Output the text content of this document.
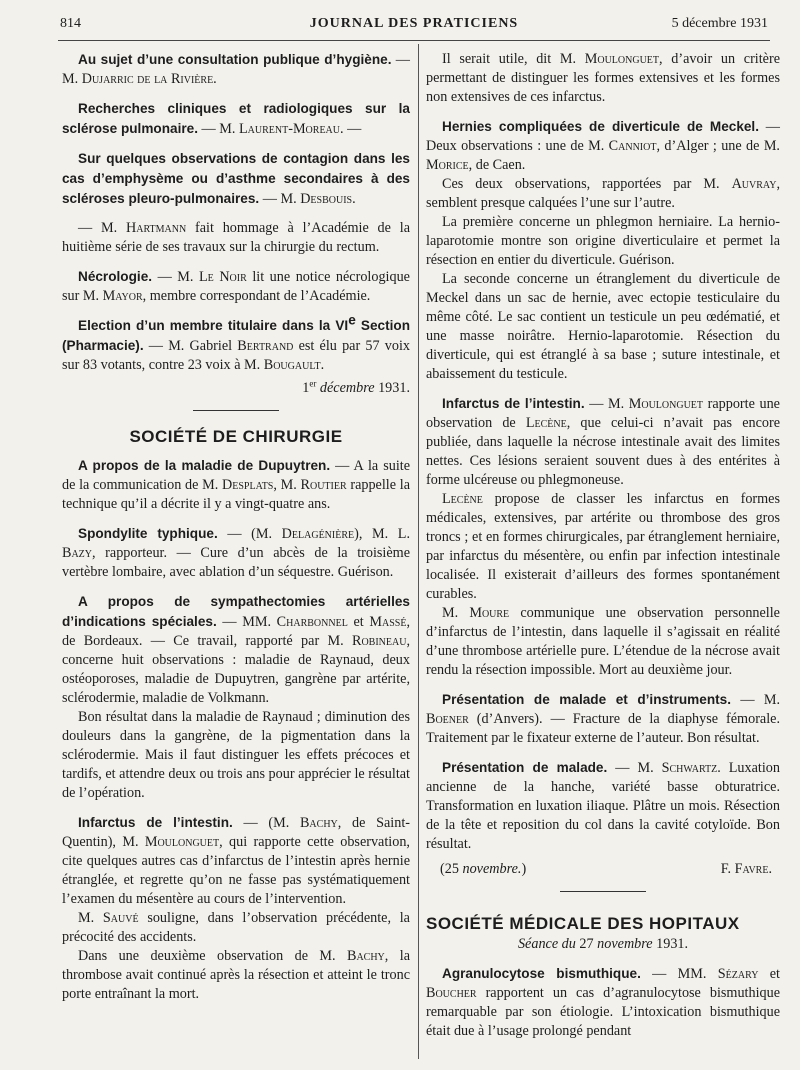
814	JOURNAL DES PRATICIENS	5 décembre 1931

Au sujet d’une consultation publique d’hygiène. — M. Dujarric de la Rivière.

Recherches cliniques et radiologiques sur la sclérose pulmonaire. — M. Laurent-Moreau. —

Sur quelques observations de contagion dans les cas d’emphysème ou d’asthme secondaires à des scléroses pleuro-pulmonaires. — M. Desbouis.

— M. Hartmann fait hommage à l’Académie de la huitième série de ses travaux sur la chirurgie du rectum.

Nécrologie. — M. Le Noir lit une notice nécrologique sur M. Mayor, membre correspondant de l’Académie.

Election d’un membre titulaire dans la VIe Section (Pharmacie). — M. Gabriel Bertrand est élu par 57 voix sur 83 votants, contre 23 voix à M. Bougault.

1er décembre 1931.

SOCIÉTÉ DE CHIRURGIE

A propos de la maladie de Dupuytren. — A la suite de la communication de M. Desplats, M. Routier rappelle la technique qu’il a décrite il y a vingt-quatre ans.

Spondylite typhique. — (M. Delagénière), M. L. Bazy, rapporteur. — Cure d’un abcès de la troisième vertèbre lombaire, avec ablation d’un séquestre. Guérison.

A propos de sympathectomies artérielles d’indications spéciales. — MM. Charbonnel et Massé, de Bordeaux. — Ce travail, rapporté par M. Robineau, concerne huit observations : maladie de Raynaud, deux ostéoporoses, maladie de Dupuytren, gangrène par artérite, sclérodermie, maladie de Volkmann.

Bon résultat dans la maladie de Raynaud ; diminution des douleurs dans la gangrène, de la pigmentation dans la sclérodermie. Mais il faut distinguer les effets précoces et tardifs, et attendre deux ou trois ans pour apprécier le résultat de l’opération.

Infarctus de l’intestin. — (M. Bachy, de Saint-Quentin), M. Moulonguet, qui rapporte cette observation, cite quelques autres cas d’infarctus de l’intestin après hernie étranglée, et regrette qu’on ne fasse pas systématiquement l’examen du mésentère au cours de l’intervention.

M. Sauvé souligne, dans l’observation précédente, la précocité des accidents.

Dans une deuxième observation de M. Bachy, la thrombose avait continué après la résection et atteint le tronc porte entraînant la mort.

Il serait utile, dit M. Moulonguet, d’avoir un critère permettant de distinguer les formes extensives et les formes non extensives de ces infarctus.

Hernies compliquées de diverticule de Meckel. — Deux observations : une de M. Canniot, d’Alger ; une de M. Morice, de Caen.

Ces deux observations, rapportées par M. Auvray, semblent presque calquées l’une sur l’autre.

La première concerne un phlegmon herniaire. La hernio-laparotomie montre son origine diverticulaire et permet la résection en entier du diverticule. Guérison.

La seconde concerne un étranglement du diverticule de Meckel dans un sac de hernie, avec ectopie testiculaire du même côté. Le sac contient un testicule un peu œdématié, et une masse noirâtre. Hernio-laparotomie. Résection du diverticule, qui est étranglé à sa base ; suture intestinale, et abaissement du testicule.

Infarctus de l’intestin. — M. Moulonguet rapporte une observation de Lecène, que celui-ci n’avait pas encore publiée, dans laquelle la nécrose intestinale avait des limites nettes. Ces lésions seraient souvent dues à des entérites à forme ulcéreuse ou phlegmoneuse.

Lecène propose de classer les infarctus en formes médicales, extensives, par artérite ou thrombose des gros troncs ; et en formes chirurgicales, par étranglement herniaire, par infarctus du mésentère, ou enfin par infection intestinale localisée. Il existerait d’ailleurs des formes spontanément curables.

M. Moure communique une observation personnelle d’infarctus de l’intestin, dans laquelle il s’agissait en réalité d’une thrombose artérielle pure. L’étendue de la nécrose avait rendu la résection impossible. Mort au deuxième jour.

Présentation de malade et d’instruments. — M. Boener (d’Anvers). — Fracture de la diaphyse fémorale. Traitement par le fixateur externe de l’auteur. Bon résultat.

Présentation de malade. — M. Schwartz. Luxation ancienne de la hanche, variété basse obturatrice. Transformation en luxation iliaque. Plâtre un mois. Résection de la tête et reposition du col dans la cavité cotyloïde. Bon résultat.

(25 novembre.)	F. Favre.

SOCIÉTÉ MÉDICALE DES HOPITAUX

Séance du 27 novembre 1931.

Agranulocytose bismuthique. — MM. Sézary et Boucher rapportent un cas d’agranulocytose bismuthique remarquable par son étiologie. L’intoxication bismuthique était due à l’usage prolongé pendant
